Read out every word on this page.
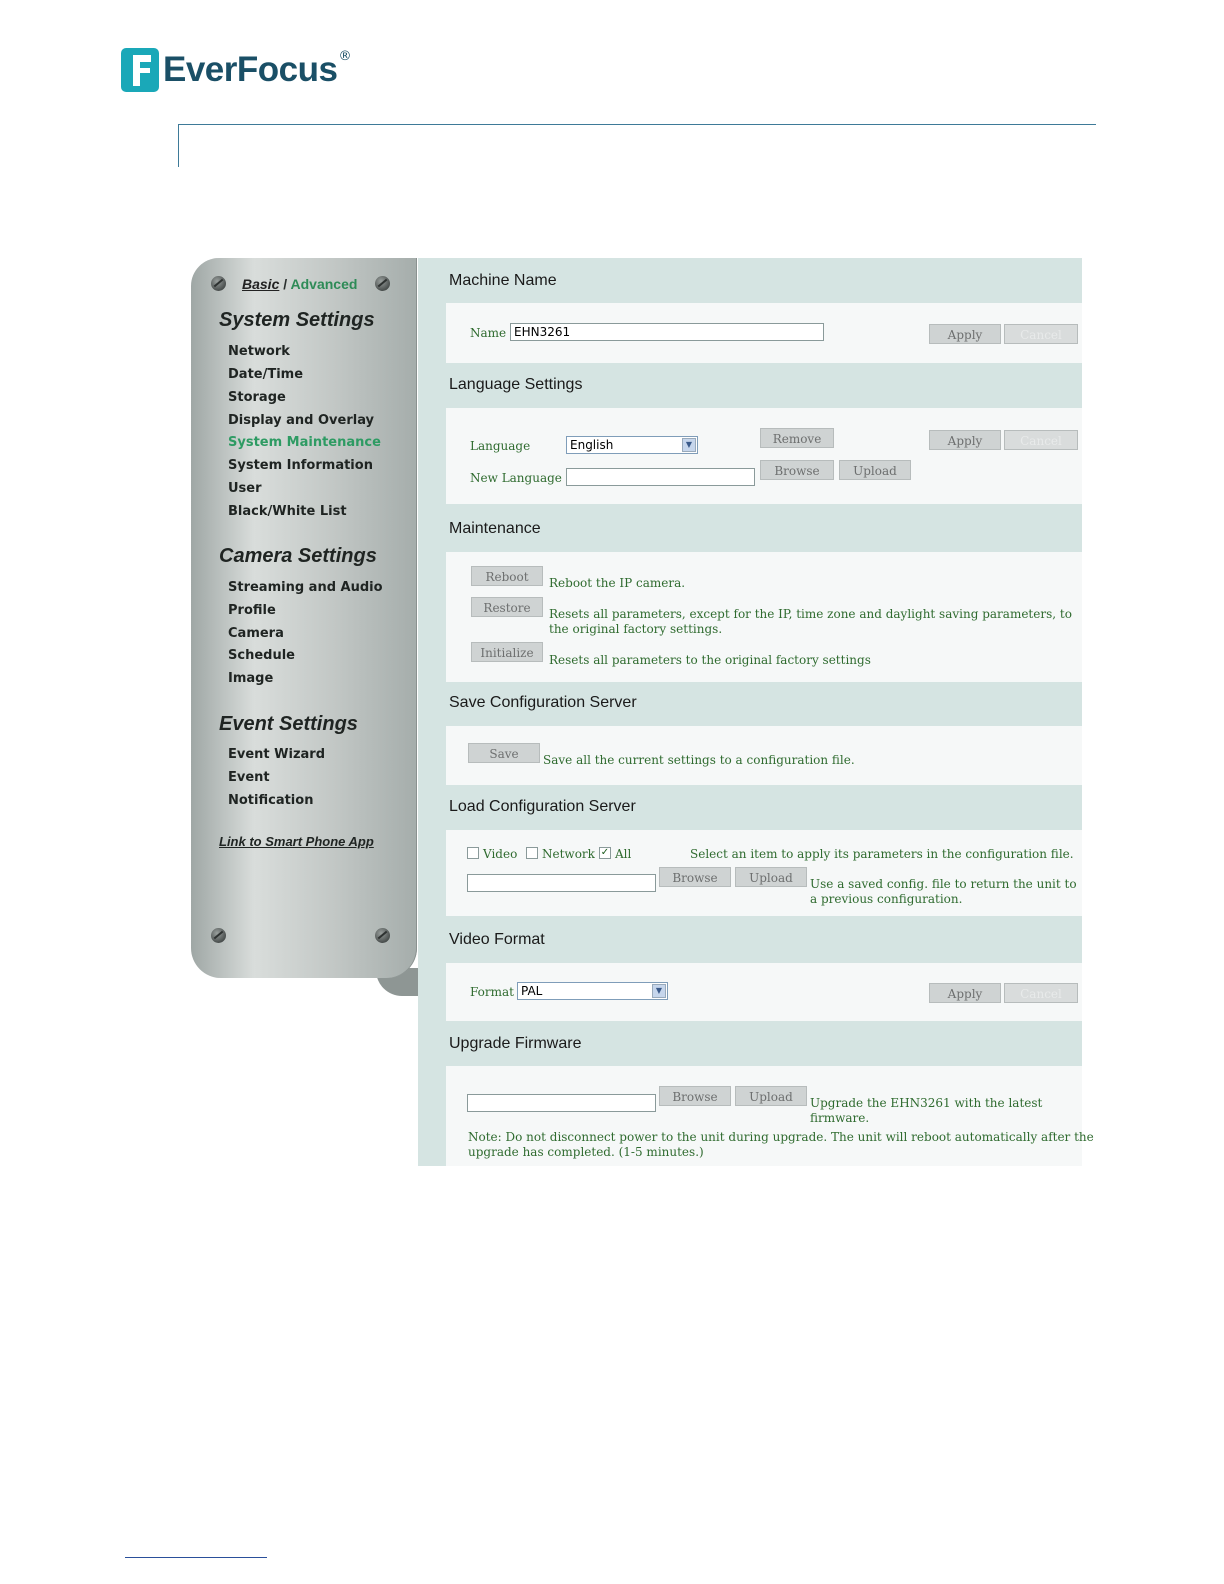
EverFocus ®
Basic / Advanced
System Settings
Network
Date/Time
Storage
Display and Overlay
System Maintenance
System Information
User
Black/White List
Camera Settings
Streaming and Audio
Profile
Camera
Schedule
Image
Event Settings
Event Wizard
Event
Notification
Link to Smart Phone App
Machine Name
Name EHN3261	Apply	Cancel
Language Settings
Language	English	▼
New Language
Remove
Browse	Upload
Apply	Cancel
Maintenance
Reboot	Reboot the IP camera.
Restore	Resets all parameters, except for the IP, time zone and daylight saving parameters, to
the original factory settings.
Initialize	Resets all parameters to the original factory settings
Save Configuration Server
Save	Save all the current settings to a configuration file.
Load Configuration Server
Video Network ✓ All	Select an item to apply its parameters in the configuration file.
Browse	Upload	Use a saved config. file to return the unit to
a previous configuration.
Video Format
Format PAL	▼	Apply	Cancel
Upgrade Firmware
Browse	Upload	Upgrade the EHN3261 with the latest
firmware.
Note: Do not disconnect power to the unit during upgrade. The unit will reboot automatically after the
upgrade has completed. (1-5 minutes.)
